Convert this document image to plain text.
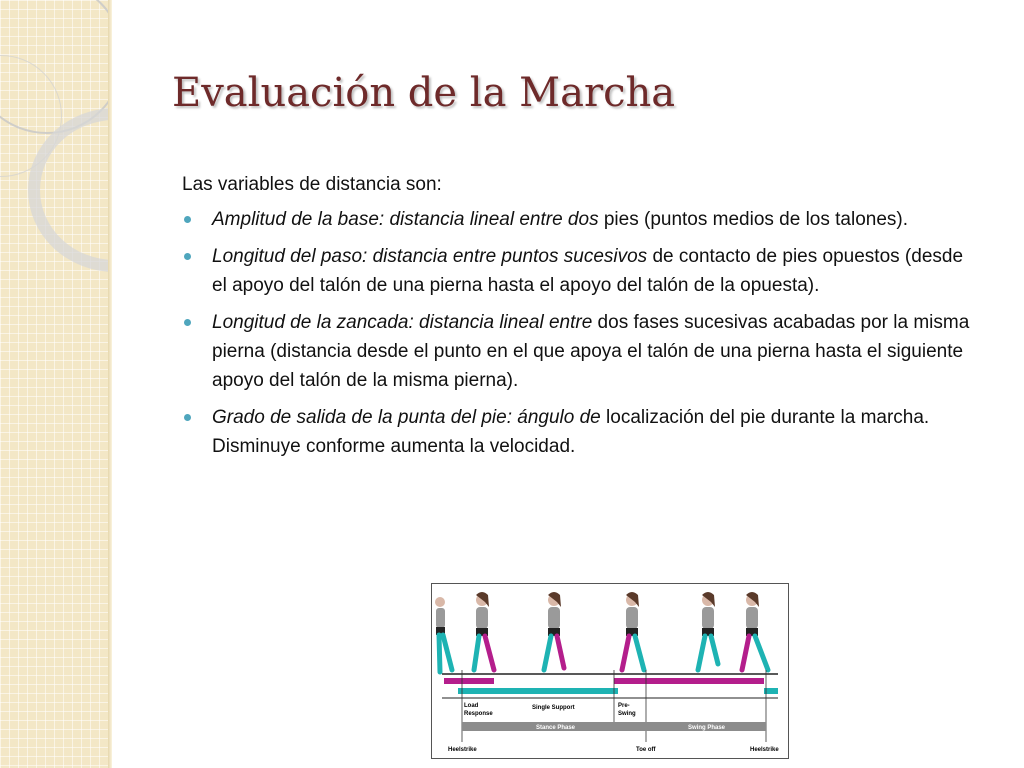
Evaluación de la Marcha

Las variables de distancia son:

Amplitud de la base: distancia lineal entre dos pies (puntos medios de los talones).
Longitud del paso: distancia entre puntos sucesivos de contacto de pies opuestos (desde el apoyo del talón de una pierna hasta el apoyo del talón de la opuesta).
Longitud de la zancada: distancia lineal entre dos fases sucesivas acabadas por la misma pierna (distancia desde el punto en el que apoya el talón de una pierna hasta el siguiente apoyo del talón de la misma pierna).
Grado de salida de la punta del pie: ángulo de localización del pie durante la marcha. Disminuye conforme aumenta la velocidad.
Load
Response
Single Support	Pre-
Swing
Stance Phase	Swing Phase
Heelstrike	Toe off	Heelstrike
